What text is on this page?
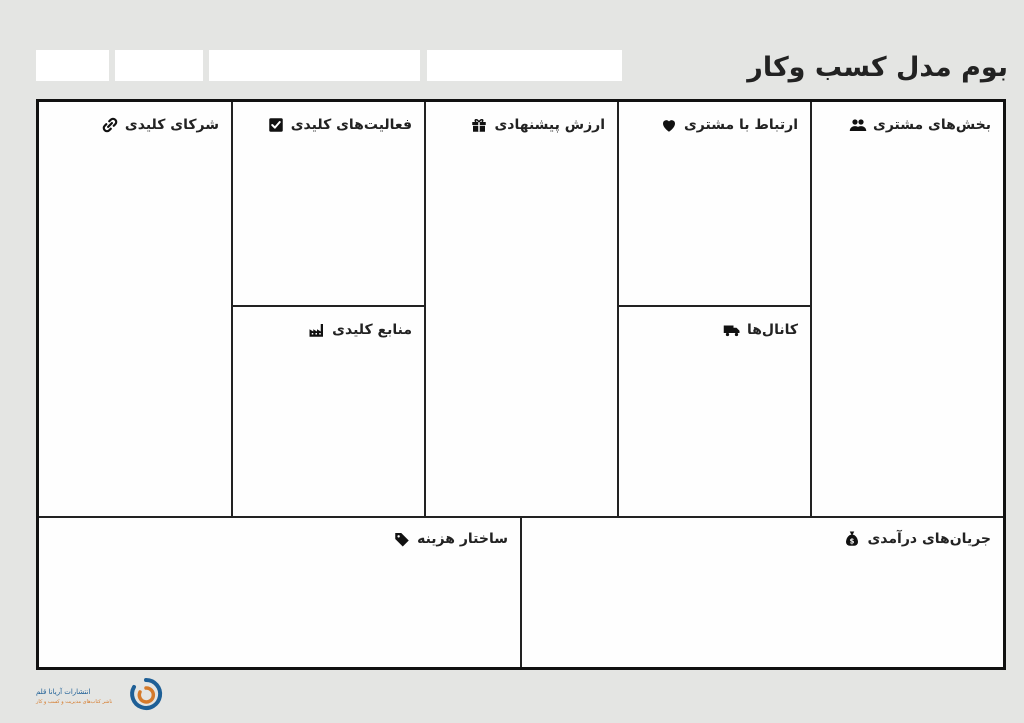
بوم مدل کسب وکار
شرکای کلیدی	فعالیت‌های کلیدی
منابع کلیدی
ارزش پیشنهادی	ارتباط با مشتری
کانال‌ها
بخش‌های مشتری
ساختار هزینه	$ جریان‌های درآمدی
انتشارات آریانا قلم
ناشر کتاب‌های مدیریت و کسب و کار
